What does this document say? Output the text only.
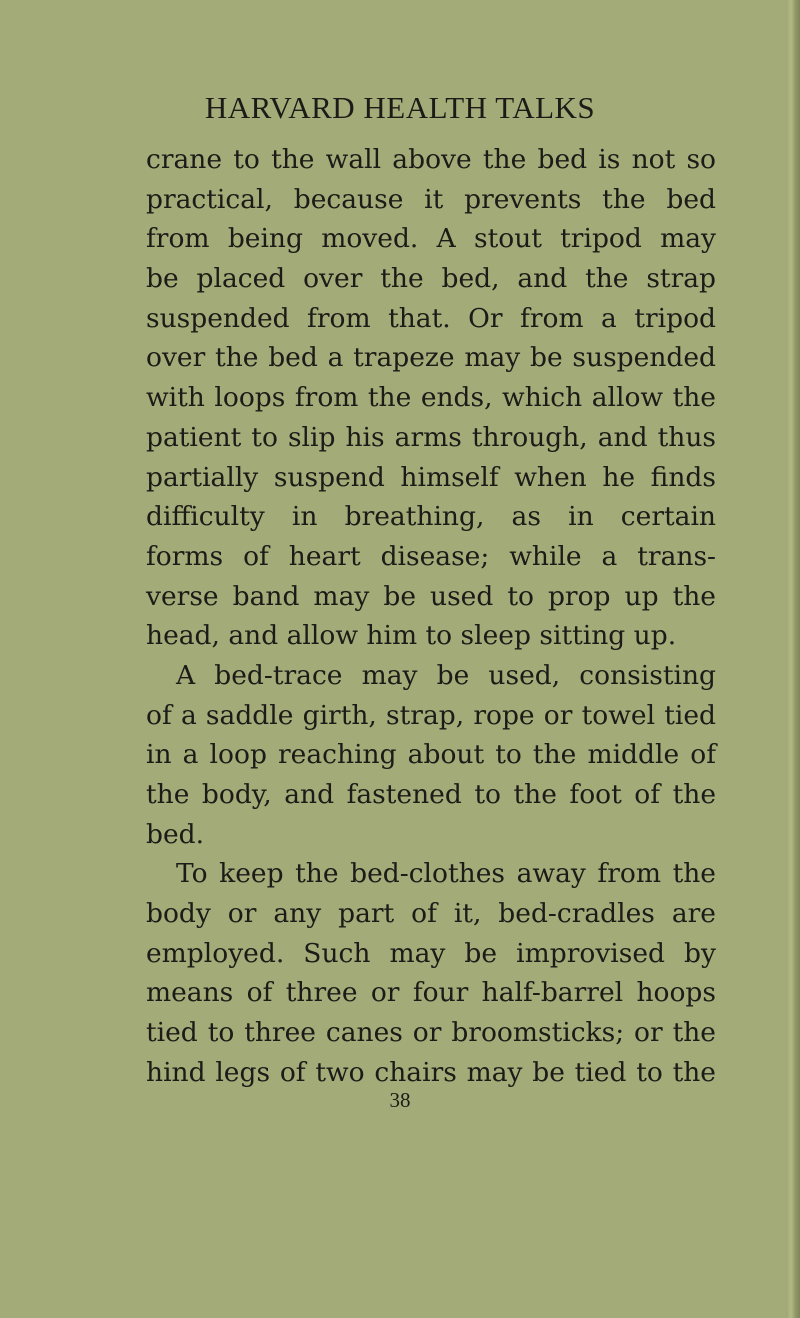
HARVARD HEALTH TALKS
crane to the wall above the bed is not so
practical, because it prevents the bed
from being moved. A stout tripod may
be placed over the bed, and the strap
suspended from that. Or from a tripod
over the bed a trapeze may be suspended
with loops from the ends, which allow the
patient to slip his arms through, and thus
partially suspend himself when he finds
difficulty in breathing, as in certain
forms of heart disease; while a trans-
verse band may be used to prop up the
head, and allow him to sleep sitting up.
A bed-trace may be used, consisting
of a saddle girth, strap, rope or towel tied
in a loop reaching about to the middle of
the body, and fastened to the foot of the
bed.
To keep the bed-clothes away from the
body or any part of it, bed-cradles are
employed. Such may be improvised by
means of three or four half-barrel hoops
tied to three canes or broomsticks; or the
hind legs of two chairs may be tied to the
38
